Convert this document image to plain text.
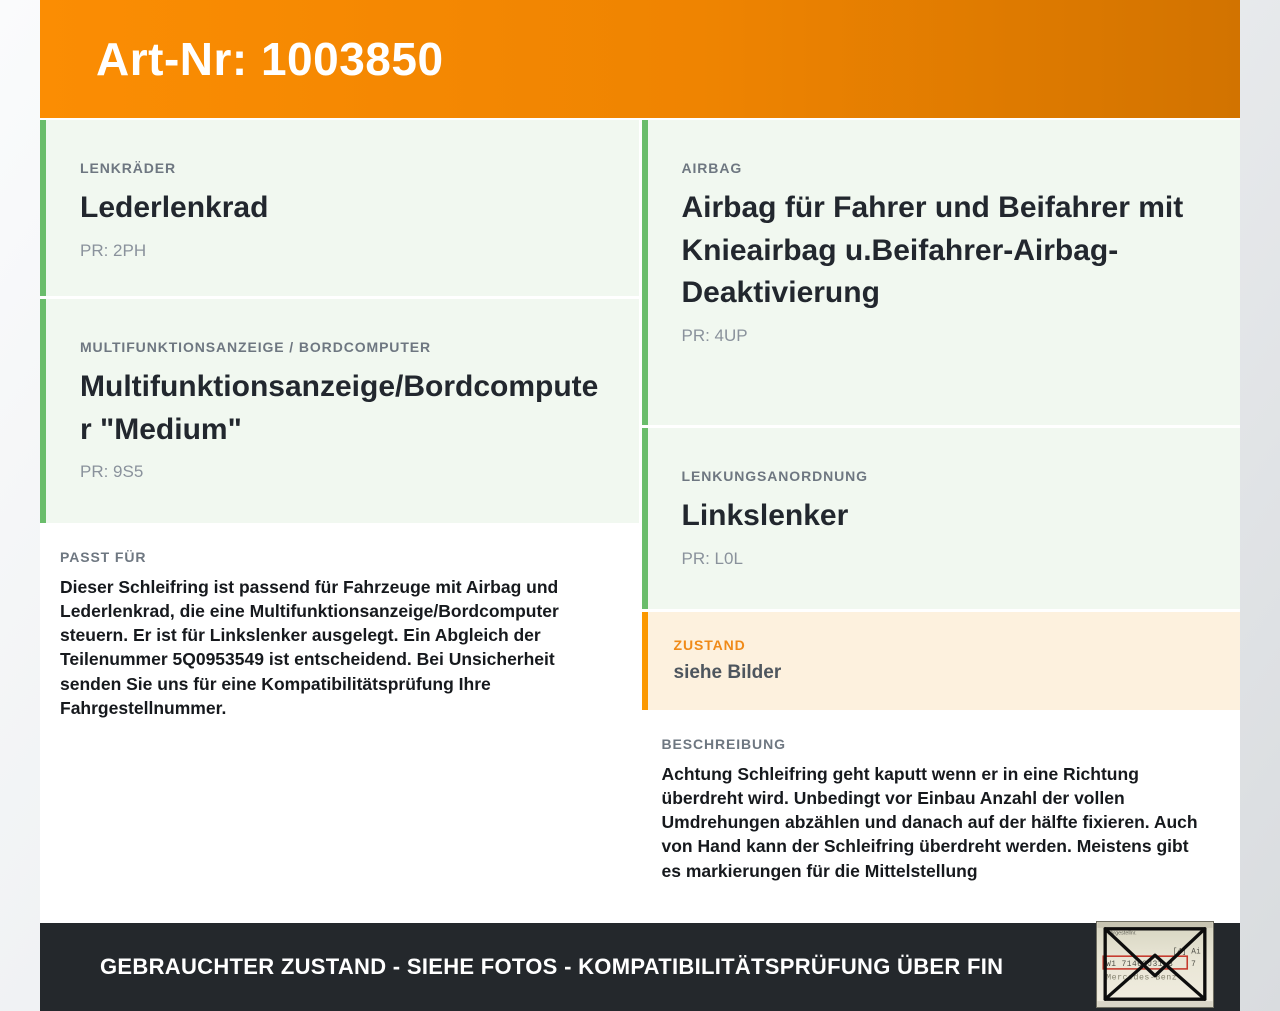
Art-Nr: 1003850
LENKRÄDER
Lederlenkrad
PR: 2PH
MULTIFUNKTIONSANZEIGE / BORDCOMPUTER
Multifunktionsanzeige/Bordcomputer "Medium"
PR: 9S5
PASST FÜR
Dieser Schleifring ist passend für Fahrzeuge mit Airbag und Lederlenkrad, die eine Multifunktionsanzeige/Bordcomputer steuern. Er ist für Linkslenker ausgelegt. Ein Abgleich der Teilenummer 5Q0953549 ist entscheidend. Bei Unsicherheit senden Sie uns für eine Kompatibilitätsprüfung Ihre Fahrgestellnummer.
AIRBAG
Airbag für Fahrer und Beifahrer mit Knieairbag u.Beifahrer-Airbag-Deaktivierung
PR: 4UP
LENKUNGSANORDNUNG
Linkslenker
PR: L0L
ZUSTAND
siehe Bilder
BESCHREIBUNG
Achtung Schleifring geht kaputt wenn er in eine Richtung überdreht wird. Unbedingt vor Einbau Anzahl der vollen Umdrehungen abzählen und danach auf der hälfte fixieren. Auch von Hand kann der Schleifring überdreht werden. Meistens gibt es markierungen für die Mittelstellung
GEBRAUCHTER ZUSTAND - SIEHE FOTOS - KOMPATIBILITÄTSPRÜFUNG ÜBER FIN
Fahrgestellnr.
[4] Ai
W1 71463J31 3 7
Mercedes-Benz
